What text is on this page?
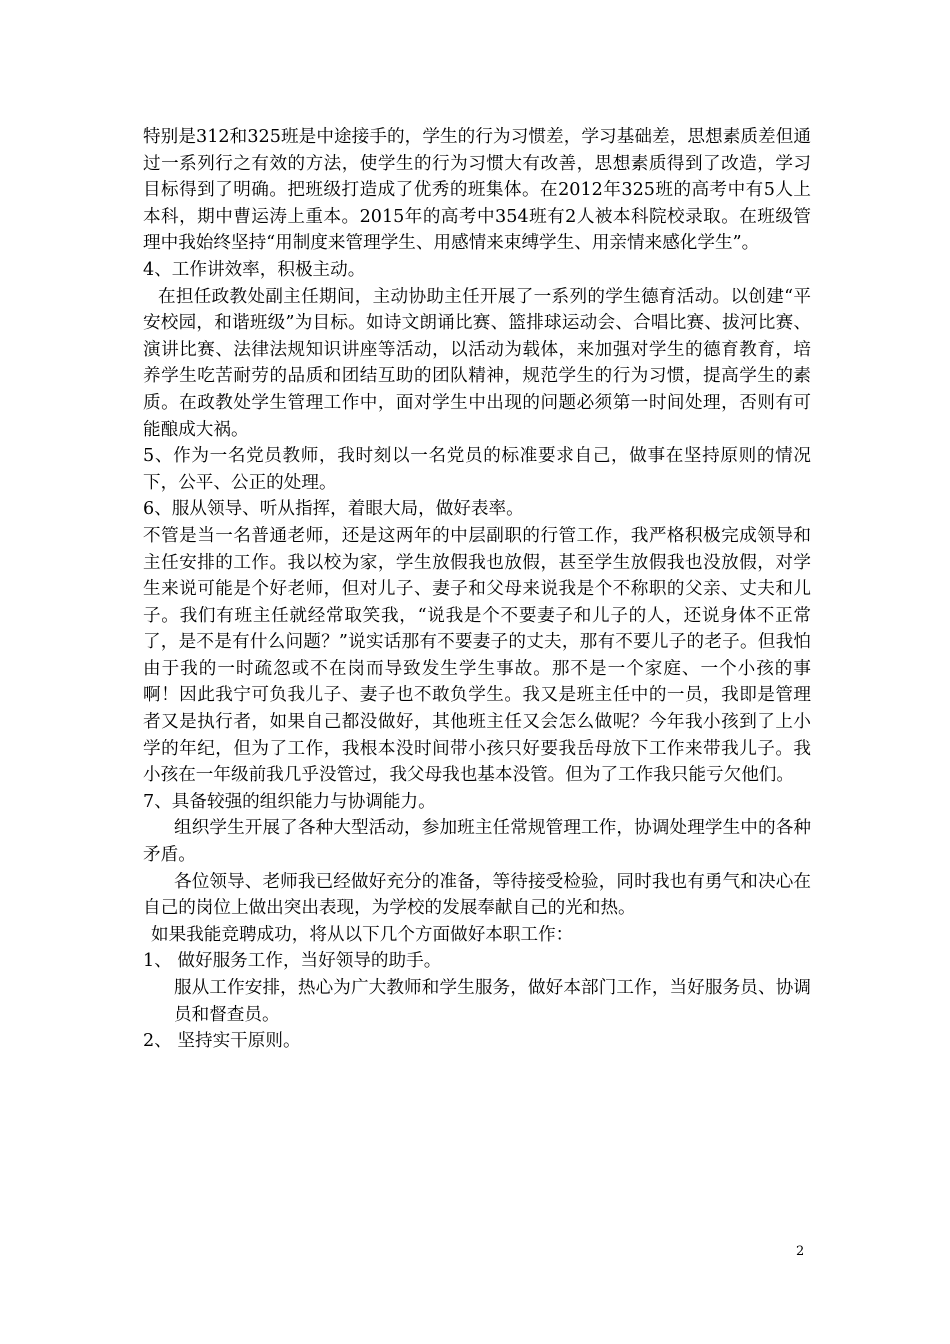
特别是312和325班是中途接手的，学生的行为习惯差，学习基础差，思想素质差但通过一系列行之有效的方法，使学生的行为习惯大有改善，思想素质得到了改造，学习目标得到了明确。把班级打造成了优秀的班集体。在2012年325班的高考中有5人上本科，期中曹运涛上重本。2015年的高考中354班有2人被本科院校录取。在班级管理中我始终坚持“用制度来管理学生、用感情来束缚学生、用亲情来感化学生”。

4、工作讲效率，积极主动。

在担任政教处副主任期间，主动协助主任开展了一系列的学生德育活动。以创建“平安校园，和谐班级”为目标。如诗文朗诵比赛、篮排球运动会、合唱比赛、拔河比赛、演讲比赛、法律法规知识讲座等活动，以活动为载体，来加强对学生的德育教育，培养学生吃苦耐劳的品质和团结互助的团队精神，规范学生的行为习惯，提高学生的素质。在政教处学生管理工作中，面对学生中出现的问题必须第一时间处理，否则有可能酿成大祸。

5、作为一名党员教师，我时刻以一名党员的标准要求自己，做事在坚持原则的情况下，公平、公正的处理。

6、服从领导、听从指挥，着眼大局，做好表率。

不管是当一名普通老师，还是这两年的中层副职的行管工作，我严格积极完成领导和主任安排的工作。我以校为家，学生放假我也放假，甚至学生放假我也没放假，对学生来说可能是个好老师，但对儿子、妻子和父母来说我是个不称职的父亲、丈夫和儿子。我们有班主任就经常取笑我，“说我是个不要妻子和儿子的人，还说身体不正常了，是不是有什么问题？”说实话那有不要妻子的丈夫，那有不要儿子的老子。但我怕由于我的一时疏忽或不在岗而导致发生学生事故。那不是一个家庭、一个小孩的事啊！因此我宁可负我儿子、妻子也不敢负学生。我又是班主任中的一员，我即是管理者又是执行者，如果自己都没做好，其他班主任又会怎么做呢？今年我小孩到了上小学的年纪，但为了工作，我根本没时间带小孩只好要我岳母放下工作来带我儿子。我小孩在一年级前我几乎没管过，我父母我也基本没管。但为了工作我只能亏欠他们。

7、具备较强的组织能力与协调能力。

组织学生开展了各种大型活动，参加班主任常规管理工作，协调处理学生中的各种矛盾。

各位领导、老师我已经做好充分的准备，等待接受检验，同时我也有勇气和决心在自己的岗位上做出突出表现，为学校的发展奉献自己的光和热。

如果我能竞聘成功，将从以下几个方面做好本职工作：

1、 做好服务工作，当好领导的助手。

服从工作安排，热心为广大教师和学生服务，做好本部门工作，当好服务员、协调员和督查员。

2、 坚持实干原则。

2
